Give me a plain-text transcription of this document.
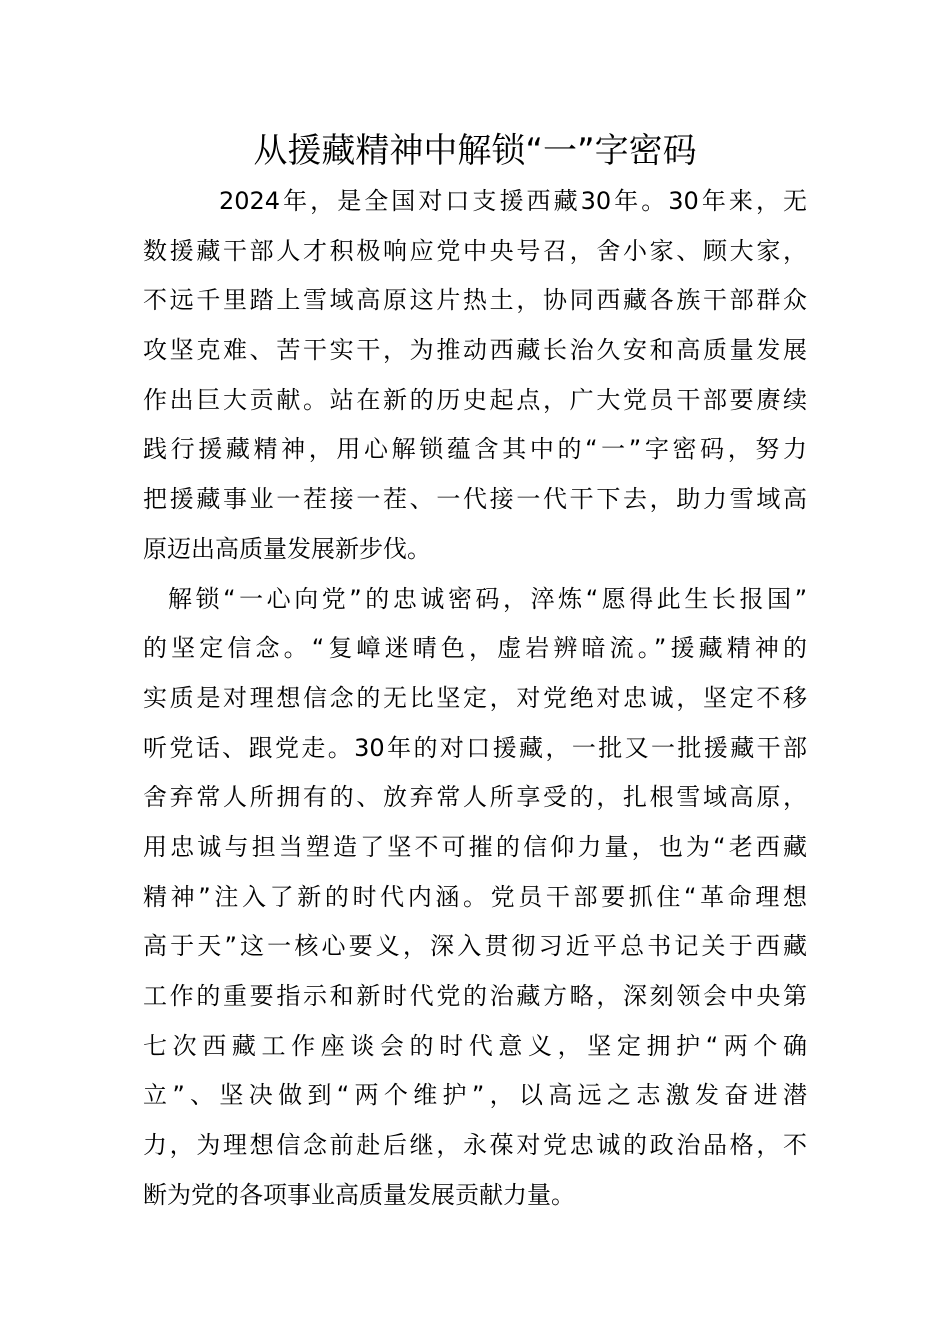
从援藏精神中解锁“一”字密码
2024年，是全国对口支援西藏30年。30年来，无
数援藏干部人才积极响应党中央号召，舍小家、顾大家，
不远千里踏上雪域高原这片热土，协同西藏各族干部群众
攻坚克难、苦干实干，为推动西藏长治久安和高质量发展
作出巨大贡献。站在新的历史起点，广大党员干部要赓续
践行援藏精神，用心解锁蕴含其中的“一”字密码，努力
把援藏事业一茬接一茬、一代接一代干下去，助力雪域高
原迈出高质量发展新步伐。
解锁“一心向党”的忠诚密码，淬炼“愿得此生长报国”
的坚定信念。“复嶂迷晴色，虚岩辨暗流。”援藏精神的
实质是对理想信念的无比坚定，对党绝对忠诚，坚定不移
听党话、跟党走。30年的对口援藏，一批又一批援藏干部
舍弃常人所拥有的、放弃常人所享受的，扎根雪域高原，
用忠诚与担当塑造了坚不可摧的信仰力量，也为“老西藏
精神”注入了新的时代内涵。党员干部要抓住“革命理想
高于天”这一核心要义，深入贯彻习近平总书记关于西藏
工作的重要指示和新时代党的治藏方略，深刻领会中央第
七次西藏工作座谈会的时代意义，坚定拥护“两个确
立”、坚决做到“两个维护”，以高远之志激发奋进潜
力，为理想信念前赴后继，永葆对党忠诚的政治品格，不
断为党的各项事业高质量发展贡献力量。
